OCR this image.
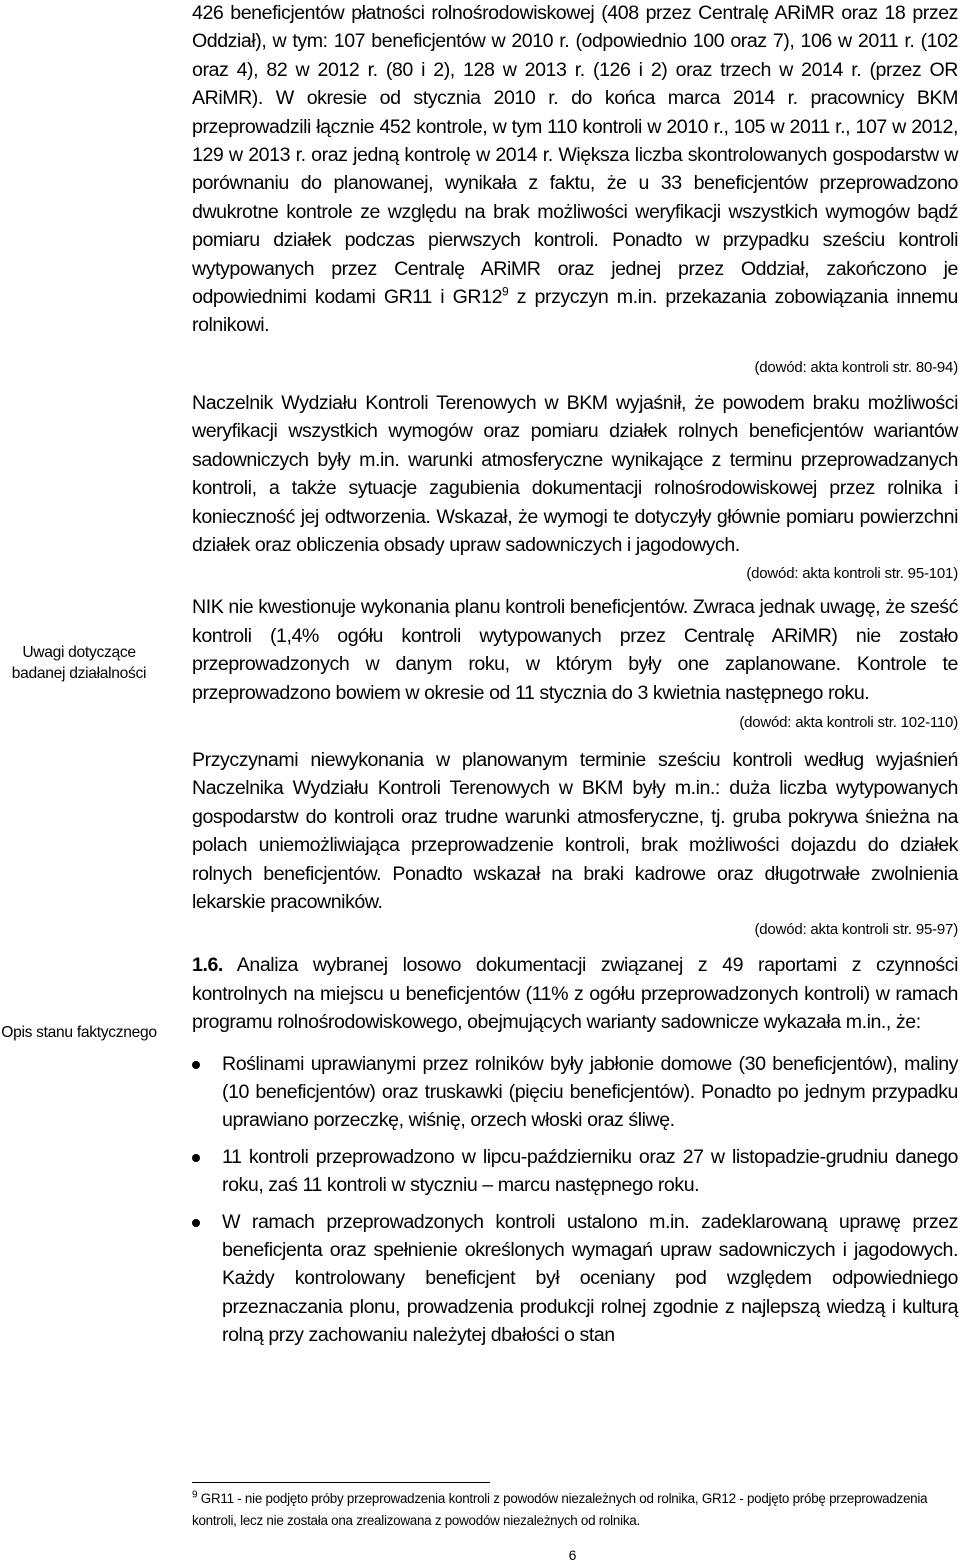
Uwagi dotyczące badanej działalności
Opis stanu faktycznego

426 beneficjentów płatności rolnośrodowiskowej (408 przez Centralę ARiMR oraz 18 przez Oddział), w tym: 107 beneficjentów w 2010 r. (odpowiednio 100 oraz 7), 106 w 2011 r. (102 oraz 4), 82 w 2012 r. (80 i 2), 128 w 2013 r. (126 i 2) oraz trzech w 2014 r. (przez OR ARiMR). W okresie od stycznia 2010 r. do końca marca 2014 r. pracownicy BKM przeprowadzili łącznie 452 kontrole, w tym 110 kontroli w 2010 r., 105 w 2011 r., 107 w 2012, 129 w 2013 r. oraz jedną kontrolę w 2014 r. Większa liczba skontrolowanych gospodarstw w porównaniu do planowanej, wynikała z faktu, że u 33 beneficjentów przeprowadzono dwukrotne kontrole ze względu na brak możliwości weryfikacji wszystkich wymogów bądź pomiaru działek podczas pierwszych kontroli. Ponadto w przypadku sześciu kontroli wytypowanych przez Centralę ARiMR oraz jednej przez Oddział, zakończono je odpowiednimi kodami GR11 i $GR12^9$ z przyczyn m.in. przekazania zobowiązania innemu rolnikowi.

(dowód: akta kontroli str. 80-94)

Naczelnik Wydziału Kontroli Terenowych w BKM wyjaśnił, że powodem braku możliwości weryfikacji wszystkich wymogów oraz pomiaru działek rolnych beneficjentów wariantów sadowniczych były m.in. warunki atmosferyczne wynikające z terminu przeprowadzanych kontroli, a także sytuacje zagubienia dokumentacji rolnośrodowiskowej przez rolnika i konieczność jej odtworzenia. Wskazał, że wymogi te dotyczyły głównie pomiaru powierzchni działek oraz obliczenia obsady upraw sadowniczych i jagodowych.

(dowód: akta kontroli str. 95-101)

NIK nie kwestionuje wykonania planu kontroli beneficjentów. Zwraca jednak uwagę, że sześć kontroli (1,4% ogółu kontroli wytypowanych przez Centralę ARiMR) nie zostało przeprowadzonych w danym roku, w którym były one zaplanowane. Kontrole te przeprowadzono bowiem w okresie od 11 stycznia do 3 kwietnia następnego roku.

(dowód: akta kontroli str. 102-110)

Przyczynami niewykonania w planowanym terminie sześciu kontroli według wyjaśnień Naczelnika Wydziału Kontroli Terenowych w BKM były m.in.: duża liczba wytypowanych gospodarstw do kontroli oraz trudne warunki atmosferyczne, tj. gruba pokrywa śnieżna na polach uniemożliwiająca przeprowadzenie kontroli, brak możliwości dojazdu do działek rolnych beneficjentów. Ponadto wskazał na braki kadrowe oraz długotrwałe zwolnienia lekarskie pracowników.

(dowód: akta kontroli str. 95-97)

1.6. Analiza wybranej losowo dokumentacji związanej z 49 raportami z czynności kontrolnych na miejscu u beneficjentów (11% z ogółu przeprowadzonych kontroli) w ramach programu rolnośrodowiskowego, obejmujących warianty sadownicze wykazała m.in., że:

Roślinami uprawianymi przez rolników były jabłonie domowe (30 beneficjentów), maliny (10 beneficjentów) oraz truskawki (pięciu beneficjentów). Ponadto po jednym przypadku uprawiano porzeczkę, wiśnię, orzech włoski oraz śliwę.
11 kontroli przeprowadzono w lipcu-październiku oraz 27 w listopadzie-grudniu danego roku, zaś 11 kontroli w styczniu – marcu następnego roku.
W ramach przeprowadzonych kontroli ustalono m.in. zadeklarowaną uprawę przez beneficjenta oraz spełnienie określonych wymagań upraw sadowniczych i jagodowych. Każdy kontrolowany beneficjent był oceniany pod względem odpowiedniego przeznaczania plonu, prowadzenia produkcji rolnej zgodnie z najlepszą wiedzą i kulturą rolną przy zachowaniu należytej dbałości o stan
$^9$ GR11 - nie podjęto próby przeprowadzenia kontroli z powodów niezależnych od rolnika, GR12 - podjęto próbę przeprowadzenia kontroli, lecz nie została ona zrealizowana z powodów niezależnych od rolnika.
6
